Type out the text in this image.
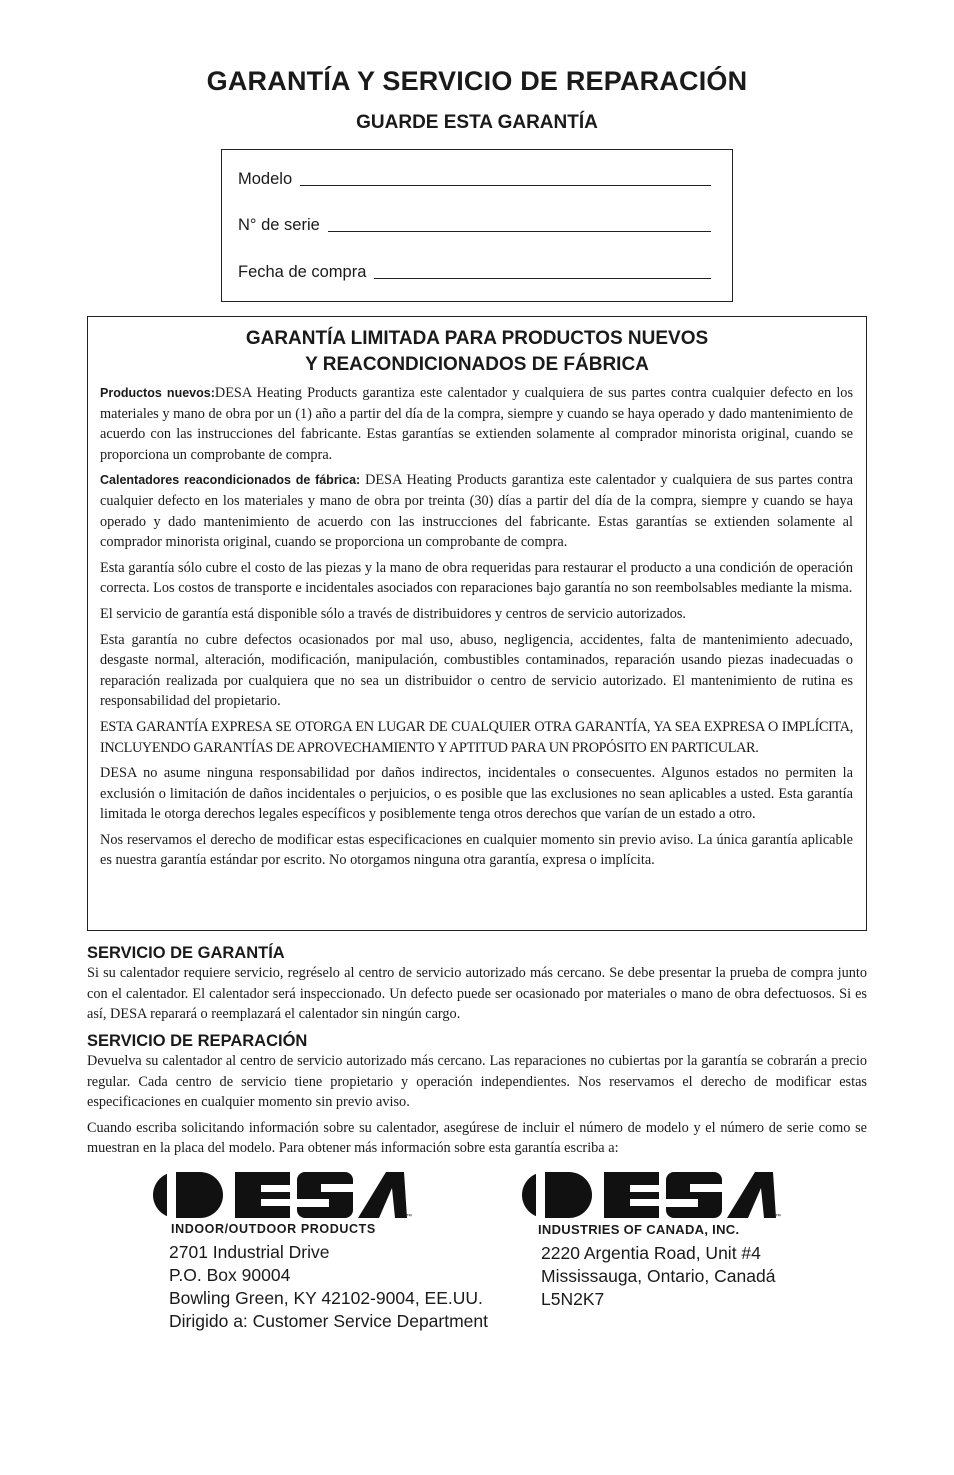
GARANTÍA Y SERVICIO DE REPARACIÓN
GUARDE ESTA GARANTÍA
Modelo
N° de serie
Fecha de compra
GARANTÍA LIMITADA PARA PRODUCTOS NUEVOS
Y REACONDICIONADOS DE FÁBRICA

Productos nuevos:DESA Heating Products garantiza este calentador y cualquiera de sus partes contra cualquier defecto en los materiales y mano de obra por un (1) año a partir del día de la compra, siempre y cuando se haya operado y dado mantenimiento de acuerdo con las instrucciones del fabricante. Estas garantías se extienden solamente al comprador minorista original, cuando se proporciona un comprobante de compra.

Calentadores reacondicionados de fábrica: DESA Heating Products garantiza este calentador y cualquiera de sus partes contra cualquier defecto en los materiales y mano de obra por treinta (30) días a partir del día de la compra, siempre y cuando se haya operado y dado mantenimiento de acuerdo con las instrucciones del fabricante. Estas garantías se extienden solamente al comprador minorista original, cuando se proporciona un comprobante de compra.

Esta garantía sólo cubre el costo de las piezas y la mano de obra requeridas para restaurar el producto a una condición de operación correcta. Los costos de transporte e incidentales asociados con reparaciones bajo garantía no son reembolsables mediante la misma.

El servicio de garantía está disponible sólo a través de distribuidores y centros de servicio autorizados.

Esta garantía no cubre defectos ocasionados por mal uso, abuso, negligencia, accidentes, falta de mantenimiento adecuado, desgaste normal, alteración, modificación, manipulación, combustibles contaminados, reparación usando piezas inadecuadas o reparación realizada por cualquiera que no sea un distribuidor o centro de servicio autorizado. El mantenimiento de rutina es responsabilidad del propietario.

ESTA GARANTÍA EXPRESA SE OTORGA EN LUGAR DE CUALQUIER OTRA GARANTÍA, YA SEA EXPRESA O IMPLÍCITA, INCLUYENDO GARANTÍAS DE APROVECHAMIENTO Y APTITUD PARA UN PROPÓSITO EN PARTICULAR.

DESA no asume ninguna responsabilidad por daños indirectos, incidentales o consecuentes. Algunos estados no permiten la exclusión o limitación de daños incidentales o perjuicios, o es posible que las exclusiones no sean aplicables a usted. Esta garantía limitada le otorga derechos legales específicos y posiblemente tenga otros derechos que varían de un estado a otro.

Nos reservamos el derecho de modificar estas especificaciones en cualquier momento sin previo aviso. La única garantía aplicable es nuestra garantía estándar por escrito. No otorgamos ninguna otra garantía, expresa o implícita.

SERVICIO DE GARANTÍA

Si su calentador requiere servicio, regréselo al centro de servicio autorizado más cercano. Se debe presentar la prueba de compra junto con el calentador. El calentador será inspeccionado. Un defecto puede ser ocasionado por materiales o mano de obra defectuosos. Si es así, DESA reparará o reemplazará el calentador sin ningún cargo.

SERVICIO DE REPARACIÓN

Devuelva su calentador al centro de servicio autorizado más cercano. Las reparaciones no cubiertas por la garantía se cobrarán a precio regular. Cada centro de servicio tiene propietario y operación independientes. Nos reservamos el derecho de modificar estas especificaciones en cualquier momento sin previo aviso.

Cuando escriba solicitando información sobre su calentador, asegúrese de incluir el número de modelo y el número de serie como se muestran en la placa del modelo. Para obtener más información sobre esta garantía escriba a:

™
DESA
INDOOR/OUTDOOR PRODUCTS
2701 Industrial Drive
P.O. Box 90004
Bowling Green, KY 42102-9004, EE.UU.
Dirigido a: Customer Service Department
™
DESA
INDUSTRIES OF CANADA, INC.
2220 Argentia Road, Unit #4
Mississauga, Ontario, Canadá
L5N2K7
